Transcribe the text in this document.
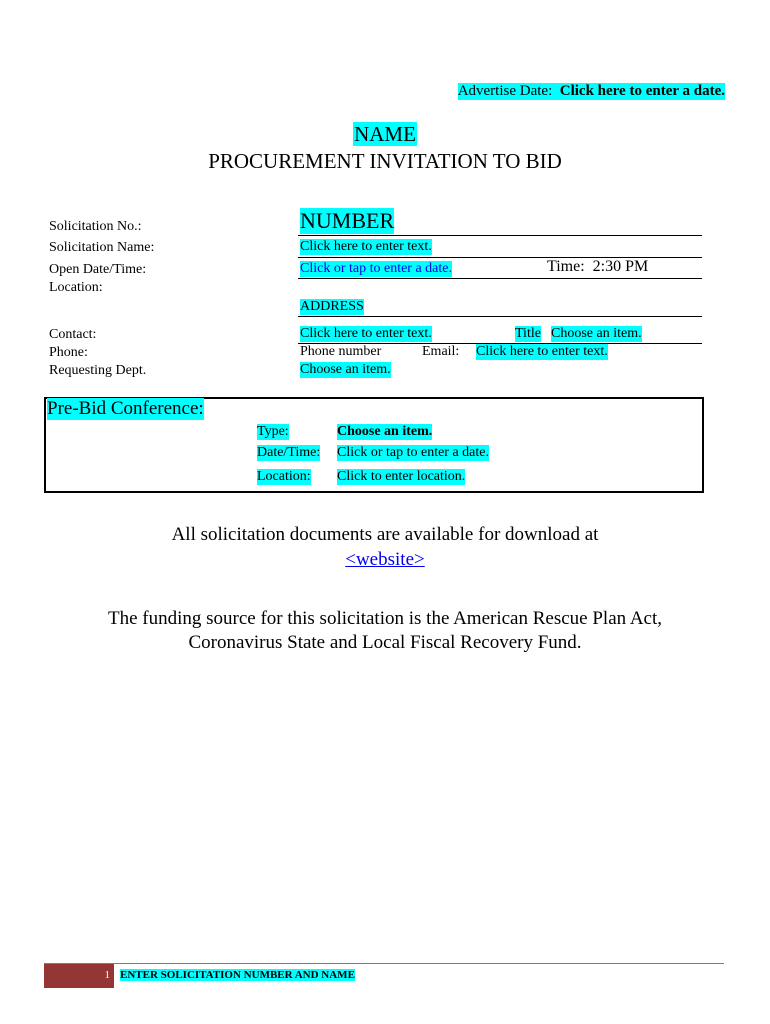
Advertise Date: Click here to enter a date.
NAME
PROCUREMENT INVITATION TO BID
Solicitation No.:	NUMBER
Solicitation Name:	Click here to enter text.
Open Date/Time:	Click or tap to enter a date.	Time: 2:30 PM
Location:
ADDRESS
Contact:	Click here to enter text.	Title Choose an item.
Phone:	Phone number	Email: Click here to enter text.
Requesting Dept.	Choose an item.
Pre-Bid Conference:
Type:	Choose an item.
Date/Time: Click or tap to enter a date.
Location: Click to enter location.
All solicitation documents are available for download at
<website>
The funding source for this solicitation is the American Rescue Plan Act,
Coronavirus State and Local Fiscal Recovery Fund.
1 ENTER SOLICITATION NUMBER AND NAME
